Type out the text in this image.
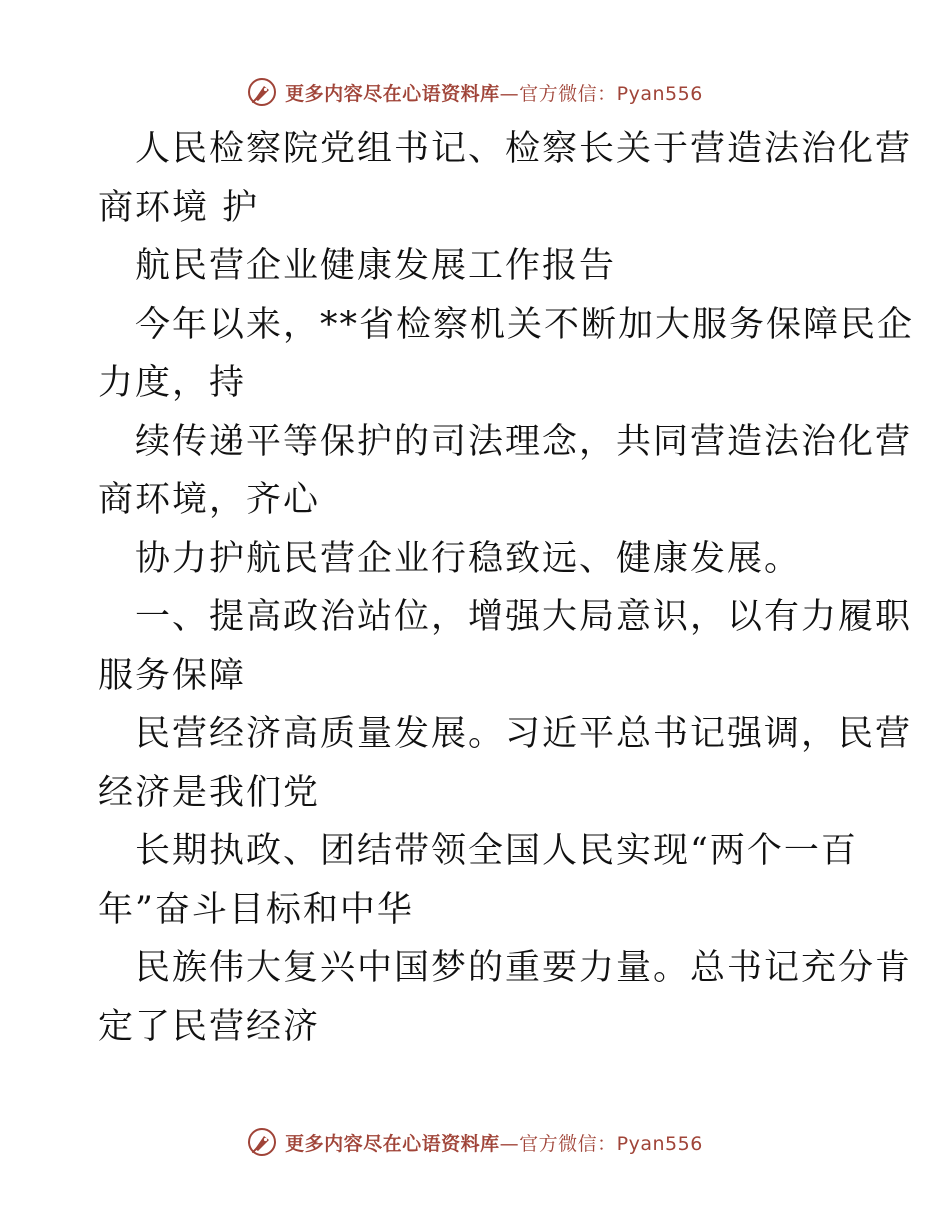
更多内容尽在心语资料库—官方微信：Pyan556
人民检察院党组书记、检察长关于营造法治化营
商环境 护
航民营企业健康发展工作报告
今年以来，**省检察机关不断加大服务保障民企
力度，持
续传递平等保护的司法理念，共同营造法治化营
商环境，齐心
协力护航民营企业行稳致远、健康发展。
一、提高政治站位，增强大局意识，以有力履职
服务保障
民营经济高质量发展。习近平总书记强调，民营
经济是我们党
长期执政、团结带领全国人民实现“两个一百
年”奋斗目标和中华
民族伟大复兴中国梦的重要力量。总书记充分肯
定了民营经济
更多内容尽在心语资料库—官方微信：Pyan556
